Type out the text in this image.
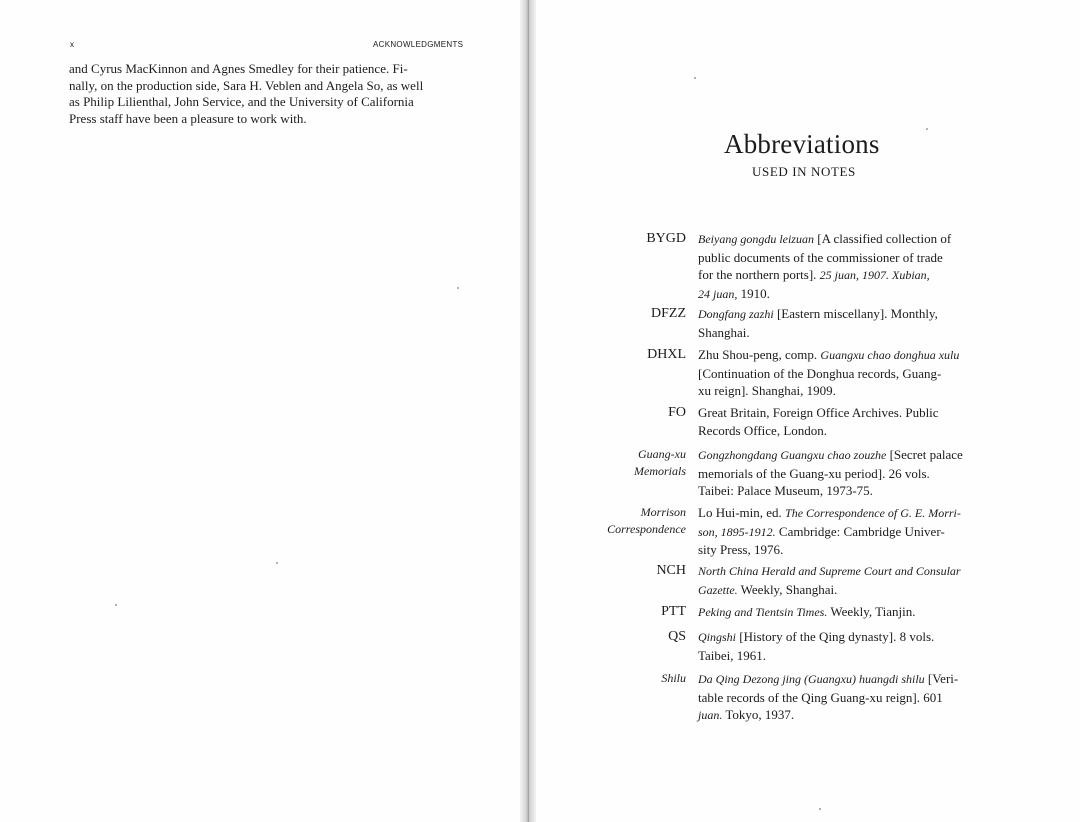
x	ACKNOWLEDGMENTS
and Cyrus MacKinnon and Agnes Smedley for their patience. Fi-
nally, on the production side, Sara H. Veblen and Angela So, as well
as Philip Lilienthal, John Service, and the University of California
Press staff have been a pleasure to work with.
Abbreviations
USED IN NOTES
BYGD Beiyang gongdu leizuan [A classified collection of
public documents of the commissioner of trade
for the northern ports]. 25 juan, 1907. Xubian,
24 juan, 1910.
DFZZ Dongfang zazhi [Eastern miscellany]. Monthly,
Shanghai.
DHXL Zhu Shou-peng, comp. Guangxu chao donghua xulu
[Continuation of the Donghua records, Guang-
xu reign]. Shanghai, 1909.
FO Great Britain, Foreign Office Archives. Public
Records Office, London.
Guang-xu
Memorials
Gongzhongdang Guangxu chao zouzhe [Secret palace
memorials of the Guang-xu period]. 26 vols.
Taibei: Palace Museum, 1973-75.
Morrison
Correspondence
Lo Hui-min, ed. The Correspondence of G. E. Morri-
son, 1895-1912. Cambridge: Cambridge Univer-
sity Press, 1976.
NCH North China Herald and Supreme Court and Consular
Gazette. Weekly, Shanghai.
PTT Peking and Tientsin Times. Weekly, Tianjin.
QS Qingshi [History of the Qing dynasty]. 8 vols.
Taibei, 1961.
Shilu Da Qing Dezong jing (Guangxu) huangdi shilu [Veri-
table records of the Qing Guang-xu reign]. 601
juan. Tokyo, 1937.
